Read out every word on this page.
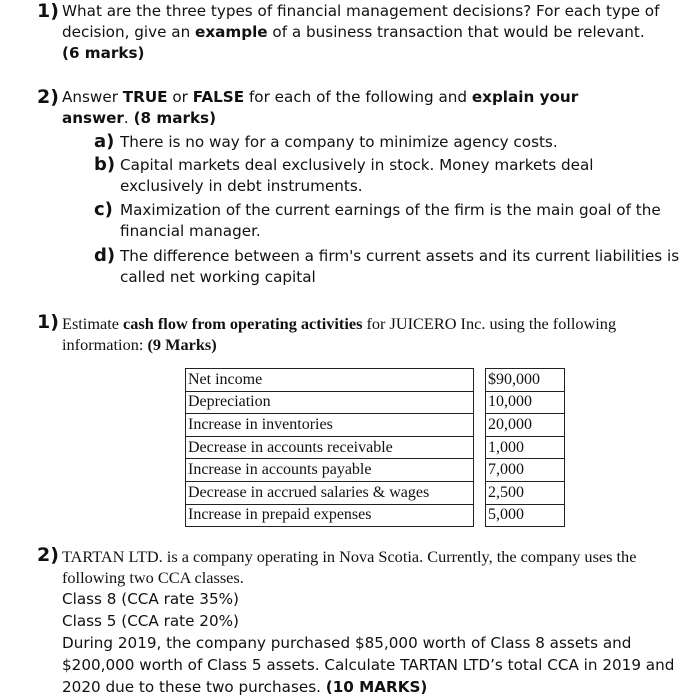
1) What are the three types of financial management decisions? For each type of
decision, give an example of a business transaction that would be relevant.
(6 marks)
2) Answer TRUE or FALSE for each of the following and explain your
answer. (8 marks)
a) There is no way for a company to minimize agency costs.
b) Capital markets deal exclusively in stock. Money markets deal
exclusively in debt instruments.
c) Maximization of the current earnings of the firm is the main goal of the
financial manager.
d) The difference between a firm's current assets and its current liabilities is
called net working capital
1) Estimate cash flow from operating activities for JUICERO Inc. using the following
information: (9 Marks)
Net income		$90,000
Depreciation		10,000
Increase in inventories		20,000
Decrease in accounts receivable		1,000
Increase in accounts payable		7,000
Decrease in accrued salaries & wages		2,500
Increase in prepaid expenses		5,000
2) TARTAN LTD. is a company operating in Nova Scotia. Currently, the company uses the
following two CCA classes.
Class 8 (CCA rate 35%)
Class 5 (CCA rate 20%)
During 2019, the company purchased $85,000 worth of Class 8 assets and
$200,000 worth of Class 5 assets. Calculate TARTAN LTD’s total CCA in 2019 and
2020 due to these two purchases. (10 MARKS)
